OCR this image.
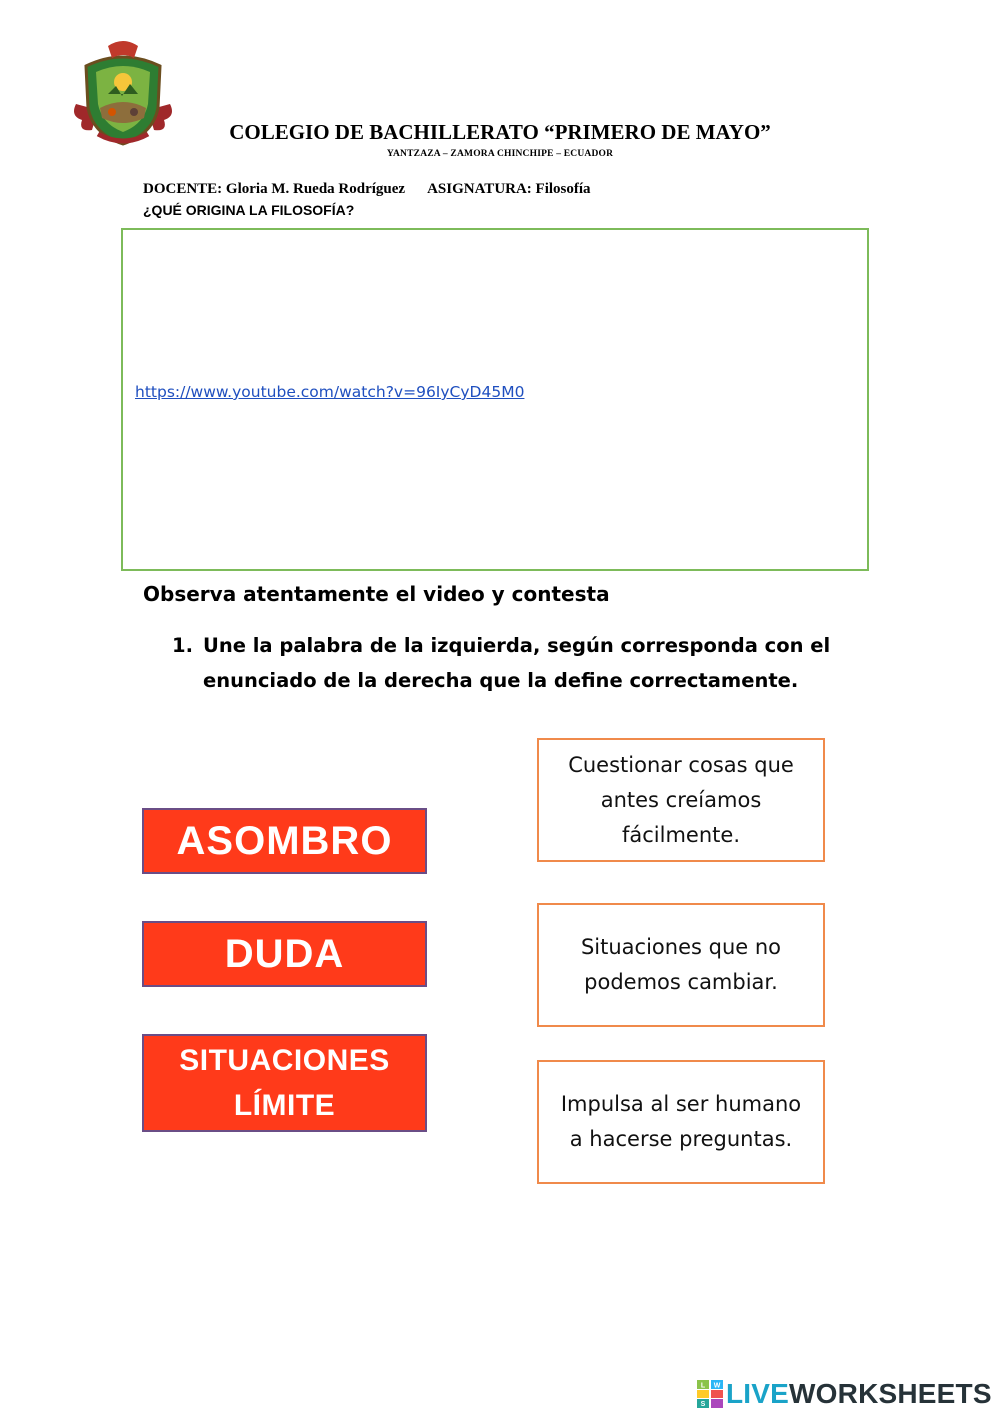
COLEGIO DE BACHILLERATO “PRIMERO DE MAYO”
YANTZAZA – ZAMORA CHINCHIPE – ECUADOR
DOCENTE: Gloria M. Rueda Rodríguez ASIGNATURA: Filosofía
¿QUÉ ORIGINA LA FILOSOFÍA?
https://www.youtube.com/watch?v=96IyCyD45M0
Observa atentamente el video y contesta
1. Une la palabra de la izquierda, según corresponda con el enunciado de la derecha que la define correctamente.
ASOMBRO
DUDA
SITUACIONES
LÍMITE
Cuestionar cosas que antes creíamos fácilmente.
Situaciones que no podemos cambiar.
Impulsa al ser humano a hacerse preguntas.
L W
S LIVEWORKSHEETS
